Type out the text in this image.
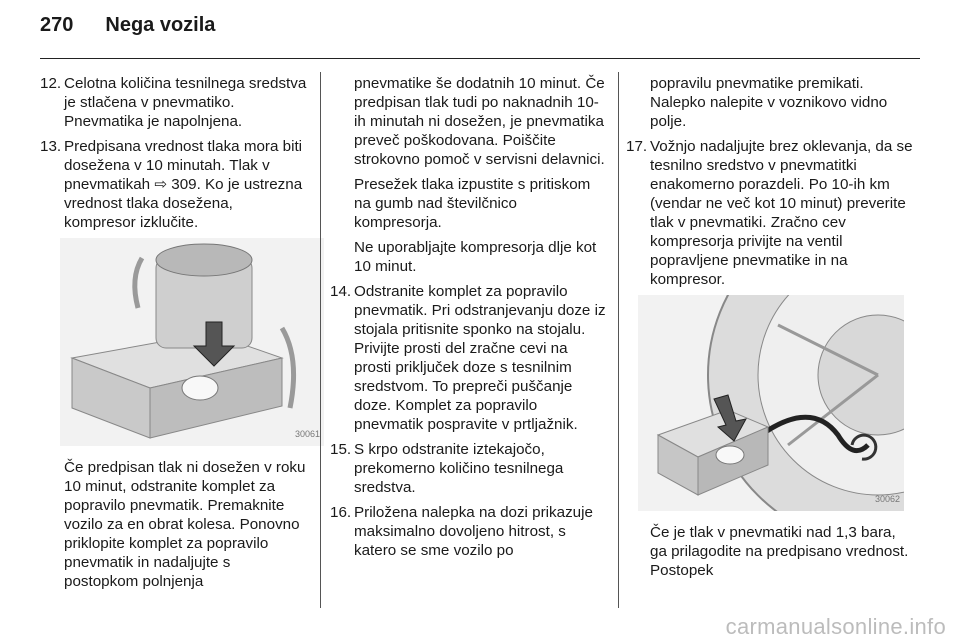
270 Nega vozila
12. Celotna količina tesnilnega sredstva je stlačena v pnevmatiko. Pnevmatika je napolnjena.
13. Predpisana vrednost tlaka mora biti dosežena v 10 minutah. Tlak v pnevmatikah ⇨ 309. Ko je ustrezna vrednost tlaka dosežena, kompresor izklučite.
30061

Če predpisan tlak ni dosežen v roku 10 minut, odstranite komplet za popravilo pnevmatik. Premaknite vozilo za en obrat kolesa. Ponovno priklopite komplet za popravilo pnevmatik in nadaljujte s postopkom polnjenja

pnevmatike še dodatnih 10 minut. Če predpisan tlak tudi po naknadnih 10-ih minutah ni dosežen, je pnevmatika preveč poškodovana. Poiščite strokovno pomoč v servisni delavnici.

Presežek tlaka izpustite s pritiskom na gumb nad številčnico kompresorja.

Ne uporabljajte kompresorja dlje kot 10 minut.

14. Odstranite komplet za popravilo pnevmatik. Pri odstranjevanju doze iz stojala pritisnite sponko na stojalu. Privijte prosti del zračne cevi na prosti priključek doze s tesnilnim sredstvom. To prepreči puščanje doze. Komplet za popravilo pnevmatik pospravite v prtljažnik.
15. S krpo odstranite iztekajočo, prekomerno količino tesnilnega sredstva.
16. Priložena nalepka na dozi prikazuje maksimalno dovoljeno hitrost, s katero se sme vozilo po

popravilu pnevmatike premikati. Nalepko nalepite v voznikovo vidno polje.

17. Vožnjo nadaljujte brez oklevanja, da se tesnilno sredstvo v pnevmatitki enakomerno porazdeli. Po 10-ih km (vendar ne več kot 10 minut) preverite tlak v pnevmatiki. Zračno cev kompresorja privijte na ventil popravljene pnevmatike in na kompresor.
30062

Če je tlak v pnevmatiki nad 1,3 bara, ga prilagodite na predpisano vrednost. Postopek

carmanualsonline.info
